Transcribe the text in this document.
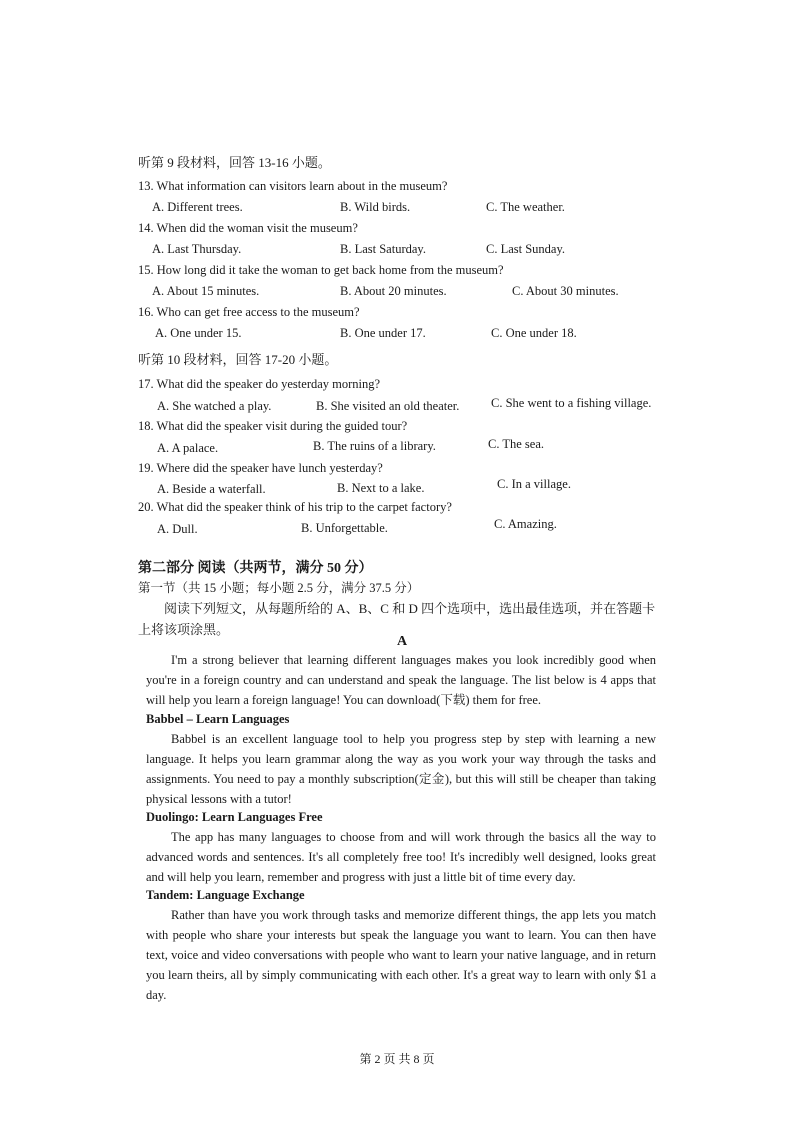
听第 9 段材料，回答 13-16 小题。
13. What information can visitors learn about in the museum?
A. Different trees.	B. Wild birds.	C. The weather.
14. When did the woman visit the museum?
A. Last Thursday.	B. Last Saturday.	C. Last Sunday.
15. How long did it take the woman to get back home from the museum?
A. About 15 minutes.	B. About 20 minutes.	C. About 30 minutes.
16. Who can get free access to the museum?
A. One under 15.	B. One under 17.	C. One under 18.
听第 10 段材料，回答 17-20 小题。
17. What did the speaker do yesterday morning?
A. She watched a play.	B. She visited an old theater.	C. She went to a fishing village.
18. What did the speaker visit during the guided tour?
A. A palace.	B. The ruins of a library.	C. The sea.
19. Where did the speaker have lunch yesterday?
A. Beside a waterfall.	B. Next to a lake.	C. In a village.
20. What did the speaker think of his trip to the carpet factory?
A. Dull.	B. Unforgettable.	C. Amazing.
第二部分 阅读（共两节，满分 50 分）
第一节（共 15 小题；每小题 2.5 分，满分 37.5 分）
阅读下列短文，从每题所给的 A、B、C 和 D 四个选项中，选出最佳选项，并在答题卡上将该项涂黑。
A
I'm a strong believer that learning different languages makes you look incredibly good when you're in a foreign country and can understand and speak the language. The list below is 4 apps that will help you learn a foreign language! You can download(下载) them for free.
Babbel – Learn Languages
Babbel is an excellent language tool to help you progress step by step with learning a new language. It helps you learn grammar along the way as you work your way through the tasks and assignments. You need to pay a monthly subscription(定金), but this will still be cheaper than taking physical lessons with a tutor!
Duolingo: Learn Languages Free
The app has many languages to choose from and will work through the basics all the way to advanced words and sentences. It's all completely free too! It's incredibly well designed, looks great and will help you learn, remember and progress with just a little bit of time every day.
Tandem: Language Exchange
Rather than have you work through tasks and memorize different things, the app lets you match with people who share your interests but speak the language you want to learn. You can then have text, voice and video conversations with people who want to learn your native language, and in return you learn theirs, all by simply communicating with each other. It's a great way to learn with only $1 a day.
第 2 页 共 8 页
